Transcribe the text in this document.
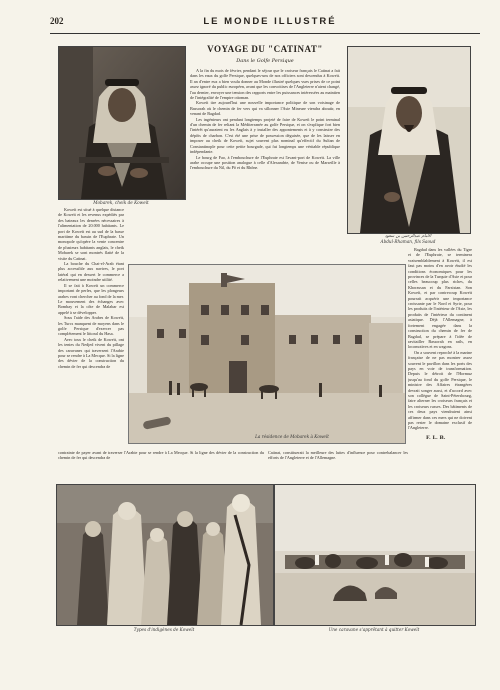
202	LE MONDE ILLUSTRÉ
Mobarek, cheik de Koweit
الامام عبدالرحمن بن سعود
Abdul-Rhaman, fils Saoud
VOYAGE DU "CATINAT"
Dans le Golfe Persique

A la fin du mois de février, pendant le séjour que le croiseur français le Catinat a fait dans les eaux du golfe Persique, quelques-uns de nos officiers sont descendus à Koweït. Il an d'entre eux a bien voulu donner au Monde illustré quelques vues prises de ce point assez ignoré du public européen, avant que les convoitises de l'Angleterre n'aient changé, l'au dernier, envoyer une tension des rapports entre les puissances intéressées au maintien de l'intégralité de l'empire ottoman.

Koweït tire aujourd'hui une nouvelle importance politique de son voisinage de Bassorah où le chemin de fer vers qui va sillonner l'Asie Mineure viendra aboutir, en venant de Bagdad.

Les ingénieurs ont pendant longtemps projeté de faire de Koweït le point terminal d'un chemin de fer reliant la Méditerranée au golfe Persique, et on s'explique fort bien l'intérêt qu'auraient eu les Anglais à y installer des appontements et à y construire des dépôts de charbon. C'est été une prise de possession déguisée, que de les laisser en imposer au cheik de Koweït, sujet souvent plus nominal qu'effectif du Sultan de Constantinople pour cette petite bourgade, qui fut longtemps une véritable république indépendante.

Le bourg de Fao, à l'embouchure de l'Euphrate est l'avant-port de Koweït. La ville arabe occupe une position analogue à celle d'Alexandrie, de Venise ou de Marseille à l'embouchure du Nil, du Pô et du Rhône.

Koweït est situé à quelque distance de Koweït et les revenus expédiés par des bateaux les denrées nécessaires à l'alimentation de 20.000 habitants. Le port de Koweït est au sud de la basse maritime du bassin de l'Euphrate. Un monopole qu'opère la vente concentre de plusieurs habitants anglais, le cheik Mobarek se sont montrés flatté de la visite du Catinat.

La bouche du Chat-el-Arab étant plus accessible aux navires, le port latéral qui en dessert le commerce a relativement une moindre utilité.

Il se fait à Koweït un commerce important de perles, que les plongeurs arabes vont chercher au fond de la mer. Le mouvement des échanges avec Bombay et la côte de Malabar est appelé à se développer.

Sous l'aide des Arabes de Koweït, les Turcs manquent de moyens dans le golfe Persique d'exercer pas complètement le littoral du Hasa.

Avec tous le cheik de Koweït, ont les tentes du Nedjed vivent du pillage des caravanes qui traversent l'Arabie pour se rendre à La Mecque. Si la ligne des dévier de la construction du chemin de fer qui descendra de

Bagdad dans les vallées du Tigre et de l'Euphrate, se terminera vraisemblablement à Koweït, il est faut pas moins d'en avoir étudié les conditions économiques pour les provinces de la Turquie d'Asie et pour celles beaucoup plus riches, du Khorassan et du Farsistan. Son Koweït, et par contrecoup Koweït pourrait acquérir une importance croissante par le Nord et Syrie, pour les produits de l'intérieur de l'Asie, les produits de l'intérieur du continent asiatique. Déjà l'Allemagne, à fortement engagée dans la construction du chemin de fer de Bagdad, se prépare à l'idée de ravitailler Bassorah en rails, en locomotives et en wagons.

On a souvent reproché à la marine française de ne pas montrer assez souvent le pavillon dans les ports des pays en voie de transformation. Depuis le détroit de l'Hormuz jusqu'au fond du golfe Persique, le ministre des Affaires étrangères devrait songer aussi, et d'accord avec son collègue de Saint-Pétersbourg, faire alterner les croiseurs français et les croiseurs russes. Des bâtiments de ces deux pays viendraient ainsi affirmer dans ces mers qui ne doivent pas rester le domaine exclusif de l'Angleterre.

F. L. B.
La résidence de Mobarek à Koweït

contrainte de payer avant de traverser l'Arabie pour se rendre à La Mecque. Si la ligne des dévier de la construction du chemin de fer qui descendra de

Catinat, constituerait la meilleure des luttes d'influence pour contrebalancer les efforts de l'Angleterre et de l'Allemagne.

Types d'indigènes de Koweït	Une caravane s'apprêtant à quitter Koweït
